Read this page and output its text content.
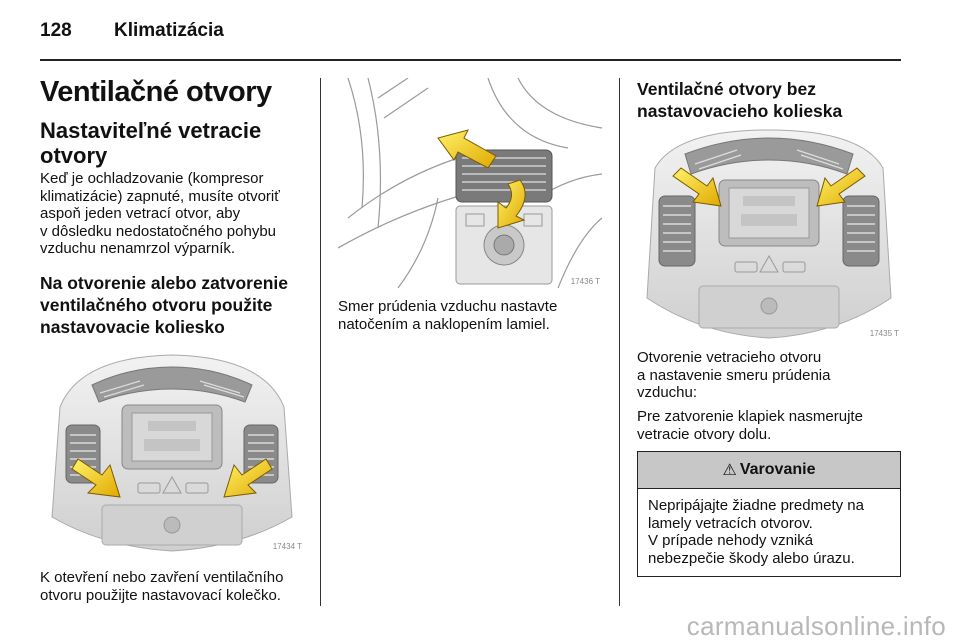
128 Klimatizácia
Ventilačné otvory
Nastaviteľné vetracie
otvory
Keď je ochladzovanie (kompresor
klimatizácie) zapnuté, musíte otvoriť
aspoň jeden vetrací otvor, aby
v dôsledku nedostatočného pohybu
vzduchu nenamrzol výparník.
Na otvorenie alebo zatvorenie
ventilačného otvoru použite
nastavovacie koliesko
17434 T
K otevření nebo zavření ventilačního
otvoru použijte nastavovací kolečko.
17436 T
Smer prúdenia vzduchu nastavte
natočením a naklopením lamiel.
Ventilačné otvory bez
nastavovacieho kolieska
17435 T
Otvorenie vetracieho otvoru
a nastavenie smeru prúdenia
vzduchu:
Pre zatvorenie klapiek nasmerujte
vetracie otvory dolu.
⚠ Varovanie
Nepripájajte žiadne predmety na
lamely vetracích otvorov.
V prípade nehody vzniká
nebezpečie škody alebo úrazu.
carmanualsonline.info
